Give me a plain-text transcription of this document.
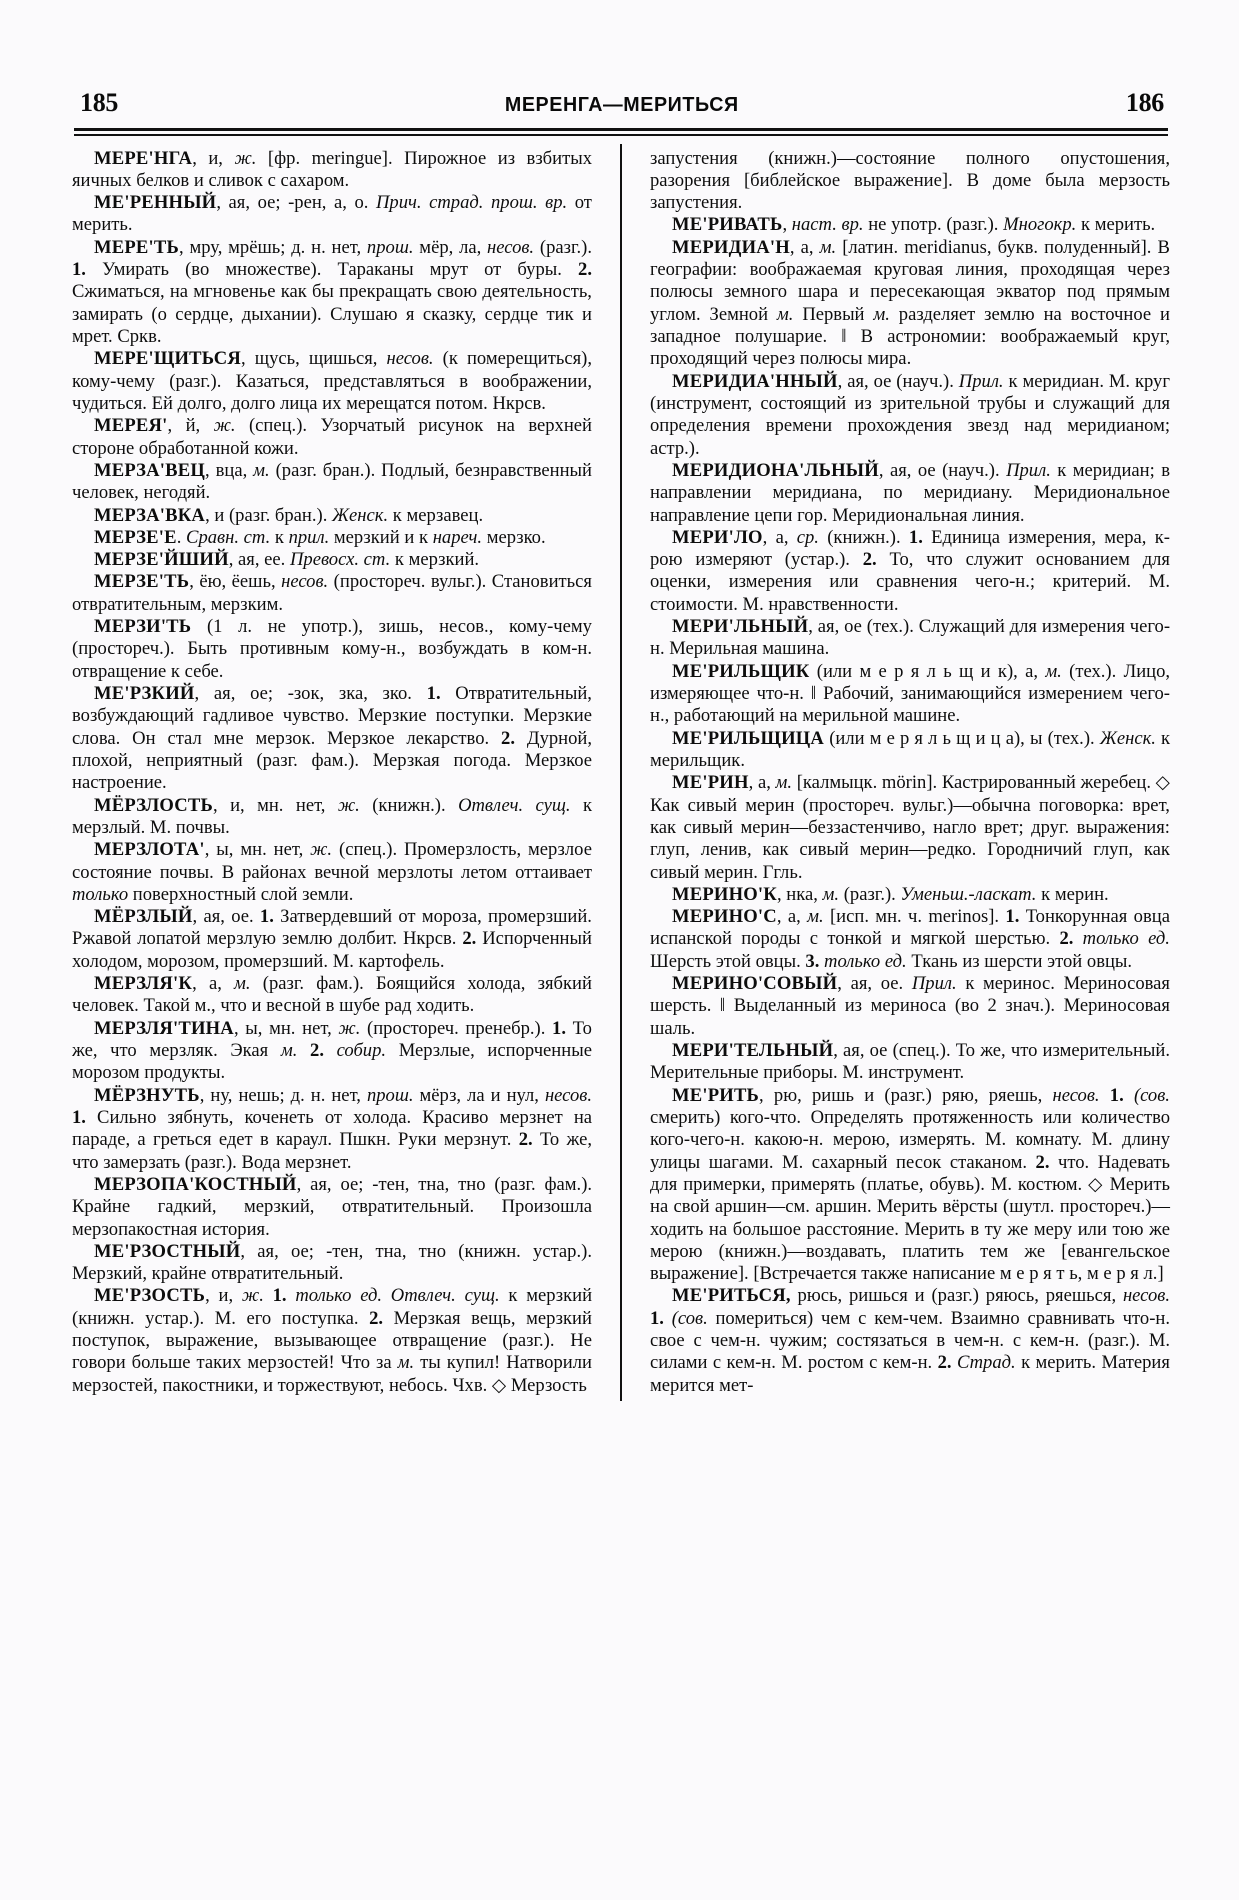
185	МЕРЕНГА—МЕРИТЬСЯ	186

МЕРЕ'НГА, и, ж. [фр. meringue]. Пирожное из взбитых яичных белков и сливок с сахаром.

МЕ'РЕННЫЙ, ая, ое; -рен, а, о. Прич. страд. прош. вр. от мерить.

МЕРЕ'ТЬ, мру, мрёшь; д. н. нет, прош. мёр, ла, несов. (разг.). 1. Умирать (во множестве). Тараканы мрут от буры. 2. Сжиматься, на мгновенье как бы прекращать свою деятельность, замирать (о сердце, дыхании). Слушаю я сказку, сердце тик и мрет. Сркв.

МЕРЕ'ЩИТЬСЯ, щусь, щишься, несов. (к померещиться), кому-чему (разг.). Казаться, представляться в воображении, чудиться. Ей долго, долго лица их мерещатся потом. Нкрсв.

МЕРЕЯ', й, ж. (спец.). Узорчатый рисунок на верхней стороне обработанной кожи.

МЕРЗА'ВЕЦ, вца, м. (разг. бран.). Подлый, безнравственный человек, негодяй.

МЕРЗА'ВКА, и (разг. бран.). Женск. к мерзавец.

МЕРЗЕ'Е. Сравн. ст. к прил. мерзкий и к нареч. мерзко.

МЕРЗЕ'ЙШИЙ, ая, ее. Превосх. ст. к мерзкий.

МЕРЗЕ'ТЬ, ёю, ёешь, несов. (простореч. вульг.). Становиться отвратительным, мерзким.

МЕРЗИ'ТЬ (1 л. не употр.), зишь, несов., кому-чему (простореч.). Быть противным кому-н., возбуждать в ком-н. отвращение к себе.

МЕ'РЗКИЙ, ая, ое; -зок, зка, зко. 1. Отвратительный, возбуждающий гадливое чувство. Мерзкие поступки. Мерзкие слова. Он стал мне мерзок. Мерзкое лекарство. 2. Дурной, плохой, неприятный (разг. фам.). Мерзкая погода. Мерзкое настроение.

МЁРЗЛОСТЬ, и, мн. нет, ж. (книжн.). Отвлеч. сущ. к мерзлый. М. почвы.

МЕРЗЛОТА', ы, мн. нет, ж. (спец.). Промерзлость, мерзлое состояние почвы. В районах вечной мерзлоты летом оттаивает только поверхностный слой земли.

МЁРЗЛЫЙ, ая, ое. 1. Затвердевший от мороза, промерзший. Ржавой лопатой мерзлую землю долбит. Нкрсв. 2. Испорченный холодом, морозом, промерзший. М. картофель.

МЕРЗЛЯ'К, а, м. (разг. фам.). Боящийся холода, зябкий человек. Такой м., что и весной в шубе рад ходить.

МЕРЗЛЯ'ТИНА, ы, мн. нет, ж. (простореч. пренебр.). 1. То же, что мерзляк. Экая м. 2. собир. Мерзлые, испорченные морозом продукты.

МЁРЗНУТЬ, ну, нешь; д. н. нет, прош. мёрз, ла и нул, несов. 1. Сильно зябнуть, коченеть от холода. Красиво мерзнет на параде, а греться едет в караул. Пшкн. Руки мерзнут. 2. То же, что замерзать (разг.). Вода мерзнет.

МЕРЗОПА'КОСТНЫЙ, ая, ое; -тен, тна, тно (разг. фам.). Крайне гадкий, мерзкий, отвратительный. Произошла мерзопакостная история.

МЕ'РЗОСТНЫЙ, ая, ое; -тен, тна, тно (книжн. устар.). Мерзкий, крайне отвратительный.

МЕ'РЗОСТЬ, и, ж. 1. только ед. Отвлеч. сущ. к мерзкий (книжн. устар.). М. его поступка. 2. Мерзкая вещь, мерзкий поступок, выражение, вызывающее отвращение (разг.). Не говори больше таких мерзостей! Что за м. ты купил! Натворили мерзостей, пакостники, и торжествуют, небось. Чхв. ◇ Мерзость

запустения (книжн.)—состояние полного опустошения, разорения [библейское выражение]. В доме была мерзость запустения.

МЕ'РИВАТЬ, наст. вр. не употр. (разг.). Многокр. к мерить.

МЕРИДИА'Н, а, м. [латин. meridianus, букв. полуденный]. В географии: воображаемая круговая линия, проходящая через полюсы земного шара и пересекающая экватор под прямым углом. Земной м. Первый м. разделяет землю на восточное и западное полушарие. ‖ В астрономии: воображаемый круг, проходящий через полюсы мира.

МЕРИДИА'ННЫЙ, ая, ое (науч.). Прил. к меридиан. М. круг (инструмент, состоящий из зрительной трубы и служащий для определения времени прохождения звезд над меридианом; астр.).

МЕРИДИОНА'ЛЬНЫЙ, ая, ое (науч.). Прил. к меридиан; в направлении меридиана, по меридиану. Меридиональное направление цепи гор. Меридиональная линия.

МЕРИ'ЛО, а, ср. (книжн.). 1. Единица измерения, мера, к-рою измеряют (устар.). 2. То, что служит основанием для оценки, измерения или сравнения чего-н.; критерий. М. стоимости. М. нравственности.

МЕРИ'ЛЬНЫЙ, ая, ое (тех.). Служащий для измерения чего-н. Мерильная машина.

МЕ'РИЛЬЩИК (или м е р я л ь щ и к), а, м. (тех.). Лицо, измеряющее что-н. ‖ Рабочий, занимающийся измерением чего-н., работающий на мерильной машине.

МЕ'РИЛЬЩИЦА (или м е р я л ь щ и ц а), ы (тех.). Женск. к мерильщик.

МЕ'РИН, а, м. [калмыцк. mörin]. Кастрированный жеребец. ◇ Как сивый мерин (простореч. вульг.)—обычна поговорка: врет, как сивый мерин—беззастенчиво, нагло врет; друг. выражения: глуп, ленив, как сивый мерин—редко. Городничий глуп, как сивый мерин. Ггль.

МЕРИНО'К, нка, м. (разг.). Уменьш.-ласкат. к мерин.

МЕРИНО'С, а, м. [исп. мн. ч. merinos]. 1. Тонкорунная овца испанской породы с тонкой и мягкой шерстью. 2. только ед. Шерсть этой овцы. 3. только ед. Ткань из шерсти этой овцы.

МЕРИНО'СОВЫЙ, ая, ое. Прил. к меринос. Мериносовая шерсть. ‖ Выделанный из мериноса (во 2 знач.). Мериносовая шаль.

МЕРИ'ТЕЛЬНЫЙ, ая, ое (спец.). То же, что измерительный. Мерительные приборы. М. инструмент.

МЕ'РИТЬ, рю, ришь и (разг.) ряю, ряешь, несов. 1. (сов. смерить) кого-что. Определять протяженность или количество кого-чего-н. какою-н. мерою, измерять. М. комнату. М. длину улицы шагами. М. сахарный песок стаканом. 2. что. Надевать для примерки, примерять (платье, обувь). М. костюм. ◇ Мерить на свой аршин—см. аршин. Мерить вёрсты (шутл. простореч.)—ходить на большое расстояние. Мерить в ту же меру или тою же мерою (книжн.)—воздавать, платить тем же [евангельское выражение]. [Встречается также написание м е р я т ь, м е р я л.]

МЕ'РИТЬСЯ, рюсь, ришься и (разг.) ряюсь, ряешься, несов. 1. (сов. помериться) чем с кем-чем. Взаимно сравнивать что-н. свое с чем-н. чужим; состязаться в чем-н. с кем-н. (разг.). М. силами с кем-н. М. ростом с кем-н. 2. Страд. к мерить. Материя мерится мет-
